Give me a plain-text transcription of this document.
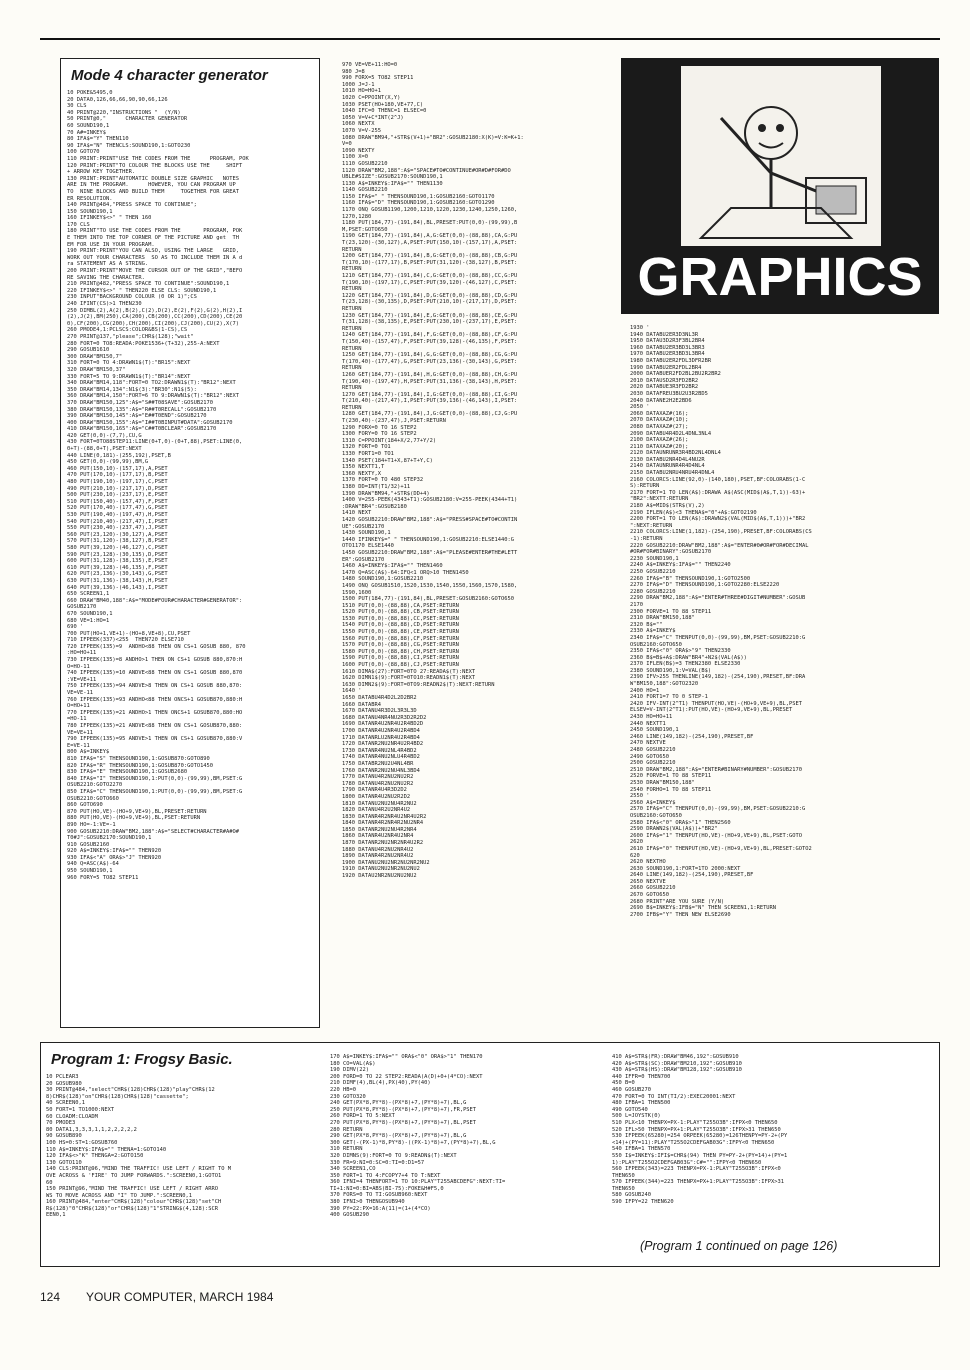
Mode 4 character generator
10 POKE&5495,0
20 DATA0,126,66,66,90,90,66,126
30 CLS
40 PRINT@220,"INSTRUCTIONS "  (Y/N)
50 PRINT@0,"      CHARACTER GENERATOR
60 SOUND190,1
70 A#=INKEY$
80 IFA$="Y" THEN110
90 IFA$="N" THENCLS:SOUND190,1:GOTO230
100 GOTO70
110 PRINT:PRINT"USE THE CODES FROM THE      PROGRAM, POK
120 PRINT:PRINT"TO COLOUR THE BLOCKS USE THE     SHIFT
+ ARROW KEY TOGETHER.
130 PRINT:PRINT"AUTOMATIC DOUBLE SIZE GRAPHIC   NOTES
ARE IN THE PROGRAM.      HOWEVER, YOU CAN PROGRAM UP
TO  NINE BLOCKS AND BUILD THEM     TOGETHER FOR GREAT
ER RESOLUTION.
140 PRINT@484,"PRESS SPACE TO CONTINUE";
150 SOUND190,1
160 IFINKEY$<>" " THEN 160
170 CLS
180 PRINT"TO USE THE CODES FROM THE       PROGRAM, POK
E THEM INTO THE TOP CORNER OF THE PICTURE AND get  TH
EM FOR USE IN YOUR PROGRAM.
190 PRINT:PRINT"YOU CAN ALSO, USING THE LARGE   GRID,
WORK OUT YOUR CHARACTERS  SO AS TO INCLUDE THEM IN A d
ra STATEMENT AS A STRING.
200 PRINT:PRINT"MOVE THE CURSOR OUT OF THE GRID","BEFO
RE SAVING THE CHARACTER.
210 PRINT@482,"PRESS SPACE TO CONTINUE":SOUND190,1
220 IFINKEY$<>" " THEN220 ELSE CLS: SOUND190,1
230 INPUT"BACKGROUND COLOUR (0 OR 1)";CS
240 IFINT(CS)>1 THEN230
250 DIMBL(2),A(2),B(2),C(2),D(2),E(2),F(2),G(2),H(2),I
(2),J(2),BM(250),CA(200),CB(200),CC(200),CD(200),CE(20
0),CF(200),CG(200),CH(200),CI(200),CJ(200),CU(2),X(7)
260 PMODE4,1:PCLSCS:COLOR&BS(1-CS),CS
270 PRINT@137,"please";CHR$(128);"wait"
280 FORT=0 TO8:READA:POKE1536+(T+32),255-A:NEXT
290 GOSUB1610
300 DRAW"BM150,7"
310 FORT=0 TO 4:DRAWN1$(T):"BR15":NEXT
320 DRAW"BM150,37"
330 FORT=5 TO 9:DRAWN1$(T):"BR14":NEXT
340 DRAW"BM14,118":FORT=0 TO2:DRAWN1$(T):"BR12":NEXT
350 DRAW"BM14,134":N1$(3):"BR30":N1$(5):
360 DRAW"BM14,150":FORT=6 TO 9:DRAWN1$(T):"BR12":NEXT
370 DRAW"BM150,125":A$="S##T08SAVE":GOSUB2170
380 DRAW"BM150,135":A$="R##T0RECALL":GOSUB2170
390 DRAW"BM150,145":A$="E##T0END":GOSUB2170
400 DRAW"BM150,155":A$="I##T0BINPUT#DATA":GOSUB2170
410 DRAW"BM150,165":A$="C##T0BCLEAR":GOSUB2170
420 GET(0,0)-(7,7),CU,G
430 FORT=0TO88STEP11:LINE(0+T,0)-(0+T,88),PSET:LINE(0,
0+T)-(88,0+T),PSET:NEXT
440 LINE(0,181)-(255,192),PSET,B
450 GET(0,0)-(99,99),BM,G
460 PUT(150,10)-(157,17),A,PSET
470 PUT(170,10)-(177,17),B,PSET
480 PUT(190,10)-(197,17),C,PSET
490 PUT(210,10)-(217,17),D,PSET
500 PUT(230,10)-(237,17),E,PSET
510 PUT(150,40)-(157,47),F,PSET
520 PUT(170,40)-(177,47),G,PSET
530 PUT(190,40)-(197,47),H,PSET
540 PUT(210,40)-(217,47),I,PSET
550 PUT(230,40)-(237,47),J,PSET
560 PUT(23,120)-(30,127),A,PSET
570 PUT(31,120)-(38,127),B,PSET
580 PUT(39,120)-(46,127),C,PSET
590 PUT(23,128)-(30,135),D,PSET
600 PUT(31,128)-(38,135),E,PSET
610 PUT(39,128)-(46,135),F,PSET
620 PUT(23,136)-(30,143),G,PSET
630 PUT(31,136)-(38,143),H,PSET
640 PUT(39,136)-(46,143),I,PSET
650 SCREEN1,1
660 DRAW"BM40,188":A$="MODE#FOUR#CHARACTER#GENERATOR":
GOSUB2170
670 SOUND190,1
680 VE=1:HO=1
690 '
700 PUT(HO+1,VE+1)-(HO+8,VE+8),CU,PSET
710 IFPEEK(337)<255  THEN720 ELSE710
720 IFPEEK(135)=9  ANDHO<88 THEN ON CS+1 GOSUB 880, 870
:HO=HO+11
730 IFPEEK(135)=8 ANDHO>1 THEN ON CS+1 GOSUB 880,870:H
O=HO-11
740 IFPEEK(135)=10 ANDVE<88 THEN ON CS+1 GOSUB 880,870
:VE=VE+11
750 IFPEEK(135)=94 ANDVE>8 THEN ON CS+1 GOSUB 880,870:
VE=VE-11
760 IFPEEK(135)=93 ANDHO<88 THEN ONCS+1 GOSUB870,880:H
O=HO+11
770 IFPEEK(135)=21 ANDHO>1 THEN ONCS+1 GOSUB870,880:HO
=HO-11
780 IFPEEK(135)=21 ANDVE<88 THEN ON CS+1 GOSUB870,880:
VE=VE+11
790 IFPEEK(135)=95 ANDVE>1 THEN ON CS+1 GOSUB870,880:V
E=VE-11
800 A$=INKEY$
810 IFA$="S" THENSOUND190,1:GOSUB870:GOTO890
820 IFA$="R" THENSOUND190,1:GOSUB870:GOTO1450
830 IFA$="E" THENSOUND190,1:GOSUB2680
840 IFA$="I" THENSOUND190,1:PUT(0,0)-(99,99),BM,PSET:G
OSUB2210:GOTO2270
850 IFA$="C" THENSOUND190,1:PUT(0,0)-(99,99),BM,PSET:G
OSUB2210:GOTO660
860 GOTO690
870 PUT(HO,VE)-(HO+9,VE+9),BL,PRESET:RETURN
880 PUT(HO,VE)-(HO+9,VE+9),BL,PSET:RETURN
890 HO=-1:VE=-1
900 GOSUB2210:DRAW"BM2,188":A$="SELECT#CHARACTER#A#O#
T0#J":GOSUB2170:SOUND190,1
910 GOSUB2160
920 A$=INKEY$:IFA$="" THEN920
930 IFA$<"A" ORA$>"J" THEN920
940 Q=ASC(A$)-64
950 SOUND190,1
960 FORY=5 TO82 STEP11
970 VE=VE+11:HO=0
980 J=8
990 FORX=5 TO82 STEP11
1000 J=J-1
1010 HO=HO+1
1020 C=PPOINT(X,Y)
1030 PSET(HO+180,VE+77,C)
1040 IFC=0 THENC=1 ELSEC=0
1050 V=V+C*INT(2^J)
1060 NEXTX
1070 V=V-255
1080 DRAW"BM94,"+STR$(V+1)+"BR2":GOSUB2180:X(K)=V:K=K+1:
V=0
1090 NEXTY
1100 X=0
1110 GOSUB2210
1120 DRAW"BM2,188":A$="SPACE#TO#CONTINUE#OR#D#FOR#DO
UBLE#SIZE":GOSUB2170:SOUND190,1
1130 A$=INKEY$:IFA$="" THEN1130
1140 GOSUB2210
1150 IFA$=" " THENSOUND190,1:GOSUB2160:GOTO1170
1160 IFA$="D" THENSOUND190,1:GOSUB2160:GOTO1290
1170 ONQ GOSUB1190,1200,1210,1220,1230,1240,1250,1260,
1270,1280
1180 PUT(184,77)-(191,84),BL,PRESET:PUT(0,0)-(99,99),B
M,PSET:GOTO650
1190 GET(184,77)-(191,84),A,G:GET(0,0)-(88,88),CA,G:PU
T(23,120)-(30,127),A,PSET:PUT(150,10)-(157,17),A,PSET:
RETURN
1200 GET(184,77)-(191,84),B,G:GET(0,0)-(88,88),CB,G:PU
T(170,10)-(177,17),B,PSET:PUT(31,120)-(38,127),B,PSET:
RETURN
1210 GET(184,77)-(191,84),C,G:GET(0,0)-(88,88),CC,G:PU
T(190,10)-(197,17),C,PSET:PUT(39,120)-(46,127),C,PSET:
RETURN
1220 GET(184,77)-(191,84),D,G:GET(0,0)-(88,88),CD,G:PU
T(23,128)-(30,135),D,PSET:PUT(210,10)-(217,17),D,PSET:
RETURN
1230 GET(184,77)-(191,84),E,G:GET(0,0)-(88,88),CE,G:PU
T(31,128)-(38,135),E,PSET:PUT(230,10)-(237,17),E,PSET:
RETURN
1240 GET(184,77)-(191,84),F,G:GET(0,0)-(88,88),CF,G:PU
T(150,40)-(157,47),F,PSET:PUT(39,128)-(46,135),F,PSET:
RETURN
1250 GET(184,77)-(191,84),G,G:GET(0,0)-(88,88),CG,G:PU
T(170,40)-(177,47),G,PSET:PUT(23,136)-(30,143),G,PSET:
RETURN
1260 GET(184,77)-(191,84),H,G:GET(0,0)-(88,88),CH,G:PU
T(190,40)-(197,47),H,PSET:PUT(31,136)-(38,143),H,PSET:
RETURN
1270 GET(184,77)-(191,84),I,G:GET(0,0)-(88,88),CI,G:PU
T(210,40)-(217,47),I,PSET:PUT(39,136)-(46,143),I,PSET:
RETURN
1280 GET(184,77)-(191,84),J,G:GET(0,0)-(88,88),CJ,G:PU
T(230,40)-(237,47),J,PSET:RETURN
1290 FORX=0 TO 16 STEP2
1300 FORY=0 TO 16 STEP2
1310 C=PPOINT(184+X/2,77+Y/2)
1320 FORT=0 TO1
1330 FORT1=0 TO1
1340 PSET(184+T1+X,87+T+Y,C)
1350 NEXTT1,T
1360 NEXTY,X
1370 FORT=0 TO 480 STEP32
1380 DD=INT(T1/32)+11
1390 DRAW"BM94,"+STR$(DD+4)
1400 V=255-PEEK(4343+T1):GOSUB2180:V=255-PEEK(4344+T1)
:DRAW"BR4":GOSUB2180
1410 NEXT
1420 GOSUB2210:DRAW"BM2,188":A$="PRESS#SPACE#TO#CONTIN
UE":GOSUB2170
1430 SOUND190,1
1440 IFINKEY$=" " THENSOUND190,1:GOSUB2210:ELSE1440:G
OTO1170 ELSE1440
1450 GOSUB2210:DRAW"BM2,188":A$="PLEASE#ENTER#THE#LETT
ER":GOSUB2170
1460 A$=INKEY$:IFA$="" THEN1460
1470 Q=ASC(A$)-64:IFQ<1 ORQ>10 THEN1450
1480 SOUND190,1:GOSUB2210
1490 ONQ GOSUB1510,1520,1530,1540,1550,1560,1570,1580,
1590,1600
1500 PUT(184,77)-(191,84),BL,PRESET:GOSUB2160:GOTO650
1510 PUT(0,0)-(88,88),CA,PSET:RETURN
1520 PUT(0,0)-(88,88),CB,PSET:RETURN
1530 PUT(0,0)-(88,88),CC,PSET:RETURN
1540 PUT(0,0)-(88,88),CD,PSET:RETURN
1550 PUT(0,0)-(88,88),CE,PSET:RETURN
1560 PUT(0,0)-(88,88),CF,PSET:RETURN
1570 PUT(0,0)-(88,88),CG,PSET:RETURN
1580 PUT(0,0)-(88,88),CH,PSET:RETURN
1590 PUT(0,0)-(88,88),CI,PSET:RETURN
1600 PUT(0,0)-(88,88),CJ,PSET:RETURN
1610 DIMA$(27):FORT=0TO 27:READA$(T):NEXT
1620 DIMN1$(9):FORT=0TO10:READN1$(T):NEXT
1630 DIMN2$(9):FORT=0TO9:READN2$(T):NEXT:RETURN
1640 '
1650 DATABU4R4D2L2D2BR2
1660 DATABR4
1670 DATANU4R3D2L3R3L3D
1680 DATANU4NR4NU2R3D2R2D2
1690 DATANR4U2NR4U2R4BD2D
1700 DATANR4U2NR4U2R4BD4
1710 DATANRLU2NR4U2R4BD4
1720 DATANR2NU2NR4U2R4BD2
1730 DATANR4NU2NL4R4BD2
1740 DATANR4NU2NLU4R4BD2
1750 DATABR2NU2U4NL4BR
1760 DATANR2NU2NU4NL3BD4
1770 DATANU4R2NU2NU2R2
1780 DATANU4R2NU2NU2R2
1790 DATANR4U4R3D2D2
1800 DATANR4U2NU2R2D2
1810 DATANU2NU2NU4R2NU2
1820 DATANU4R2U2NR4U2
1830 DATANR4R2NR4U2NR4U2R2
1840 DATANR4R2NR4R2NU2NR4
1850 DATANR2NU2NU4R2NR4
1860 DATANR4U2NR4U2NR4
1870 DATANR2NU2NR2NR4U2R2
1880 DATANU4R2NU2NR4U2
1890 DATANR4R2NU2NR4U2
1900 DATANU2NU2NR2NU2NR2NU2
1910 DATANU2NU2NR2NU2NU2
1920 DATAU2NR2NU2NU2NU2
1930 '
1940 DATABU2ER3D3NL3R
1950 DATAU3D2R3F3BL2BR4
1960 DATABU2ER3BD3L3BR3
1970 DATABU2ER3BD3L3BR4
1980 DATABU2ER2FDL3DFR2BR
1990 DATABU2ER2FDL2BR4
2000 DATABUER2FD2BL2BU2R2BR2
2010 DATAUSD2R3FD2BR2
2020 DATABUE3R3FD2BR2
2030 DATAFREU3BU2U3R2BD5
2040 DATANE2H2E2BD6
2050 '
2060 DATAXAZ#(16);
2070 DATAXAZ#(10);
2080 DATAXAZ#(27);
2090 DATABU4R4D2L4DNL3NL4
2100 DATAXAZ#(26);
2110 DATAXAZ#(20);
2120 DATAUNRUNR3R4BD2NL4DNL4
2130 DATABU2NR4D4L4NU2R
2140 DATAUNRUNR4R4D4NL4
2150 DATABU2NRU4NRU4R4DNL4
2160 COLORCS:LINE(92,0)-(140,180),PSET,BF:COLORABS(1-C
S):RETURN
2170 FORT=1 TO LEN(A$):DRAWA A$(ASC(MID$(A$,T,1))-63)+
"BR2":NEXTT:RETURN
2180 A$=MID$(STR$(V),2)
2190 IFLEN(A$)<3 THENA$="0"+A$:GOTO2190
2200 FORT=1 TO LEN(A$):DRAWN2$(VAL(MID$(A$,T,1)))+"BR2
":NEXT:RETURN
2210 COLORCS:LINE(1,182)-(254,190),PRESET,BF:COLORABS(CS
-1):RETURN
2220 GOSUB2210:DRAW"BM2,188":A$="ENTER#0#OR#FOR#DECIMAL
#OR#FOR#BINARY":GOSUB2170
2230 SOUND190,1
2240 A$=INKEY$:IFA$="" THEN2240
2250 GOSUB2210
2260 IFA$="B" THENSOUND190,1:GOTO2500
2270 IFA$="D" THENSOUND190,1:GOTO2280:ELSE2220
2280 GOSUB2210
2290 DRAW"BM2,188":A$="ENTER#THREE#DIGIT#NUMBER":GOSUB
2170
2300 FORVE=1 TO 88 STEP11
2310 DRAW"BM150,188"
2320 B$=""
2330 A$=INKEY$
2340 IFA$="C" THENPUT(0,0)-(99,99),BM,PSET:GOSUB2210:G
OSUB2160:GOTO650
2350 IFA$<"0" ORA$>"9" THEN2330
2360 B$=B$+A$:DRAW"BR4"+N2$(VAL(A$))
2370 IFLEN(B$)=3 THEN2380 ELSE2330
2380 SOUND190,1:V=VAL(B$)
2390 IFV>255 THENLINE(149,182)-(254,190),PRESET,BF:DRA
W"BM150,188":GOTO2320
2400 HO=1
2410 FORT1=7 TO 0 STEP-1
2420 IFV-INT(2^T1) THENPUT(HO,VE)-(HO+9,VE+9),BL,PSET
ELSEV=V-INT(2^T1):PUT(HO,VE)-(HO+9,VE+9),BL,PRESET
2430 HO=HO+11
2440 NEXTT1
2450 SOUND190,1
2460 LINE(149,182)-(254,190),PRESET,BF
2470 NEXTVE
2480 GOSUB2210
2490 GOTO650
2500 GOSUB2210
2510 DRAW"BM2,188":A$="ENTER#BINARY#NUMBER":GOSUB2170
2520 FORVE=1 TO 88 STEP11
2530 DRAW"BM150,188"
2540 FORHO=1 TO 88 STEP11
2550 '
2560 A$=INKEY$
2570 IFA$="C" THENPUT(0,0)-(99,99),BM,PSET:GOSUB2210:G
OSUB2160:GOTO650
2580 IFA$<"0" ORA$>"1" THEN2560
2590 DRAWN2$(VAL(A$))+"BR2"
2600 IFA$="1" THENPUT(HO,VE)-(HO+9,VE+9),BL,PSET:GOTO
2620
2610 IFA$="0" THENPUT(HO,VE)-(HO+9,VE+9),BL,PRESET:GOTO2
620
2620 NEXTHO
2630 SOUND190,1:FORT=1TO 2000:NEXT
2640 LINE(149,182)-(254,190),PRESET,BF
2650 NEXTVE
2660 GOSUB2210
2670 GOTO650
2680 PRINT"ARE YOU SURE (Y/N)
2690 B$=INKEY$:IFB$="N" THEN SCREEN1,1:RETURN
2700 IFB$="Y" THEN NEW ELSE2690
GRAPHICS
Program 1: Frogsy Basic.
10 PCLEAR3
20 GOSUB980
30 PRINT@484,"select"CHR$(128)CHR$(128)"play"CHR$(12
8)CHR$(128)"on"CHR$(128)CHR$(128)"cassette";
40 SCREEN0,1
50 FORT=1 TO1000:NEXT
60 CLOADM:CLOADM
70 PMODE3
80 DATA1,3,3,3,1,1,2,2,2,2,2
90 GOSUB890
100 HS=0:ST=1:GOSUB760
110 A$=INKEY$:IFA$="" THENA=1:GOTO140
120 IFA$<>"K" THENGA=2:GOTO150
130 GOTO110
140 CLS:PRINT@96,"MIND THE TRAFFIC! USE LEFT / RIGHT TO M
OVE ACROSS & 'FIRE' TO JUMP FORWARDS.":SCREEN0,1:GOTO1
60
150 PRINT@96,"MIND THE TRAFFIC! USE LEFT / RIGHT ARRO
WS TO MOVE ACROSS AND "I" TO JUMP.":SCREEN0,1
160 PRINT@484,"enter"CHR$(128)"colour"CHR$(128)"set"CH
R$(128)"0"CHR$(128)"or"CHR$(128)"1"STRING$(4,128):SCR
EEN0,1
170 A$=INKEY$:IFA$="" ORA$<"0" ORA$>"1" THEN170
180 CO=VAL(A$)
190 DIMV(22)
200 FORD=0 TO 22 STEP2:READA(A(D)+0+(4*CO):NEXT
210 DIMF(4),BL(4),PX(40),PY(40)
220 HB=0
230 GOTO320
240 GET(PX*8,PY*8)-(PX*8)+7,(PY*8)+7),BL,G
250 PUT(PX*8,PY*8)-(PX*8)+7,(PY*8)+7),FR,PSET
260 FORD=1 TO 5:NEXT
270 PUT(PX*8,PY*8)-(PX*8)+7,(PY*8)+7),BL,PSET
280 RETURN
290 GET(PX*8,PY*8)-(PX*8)+7,(PY*8)+7),BL,G
300 GET(-(PX-1)*8,PY*8)-((PX-1)*8)+7,(PY*8)+7),BL,G
310 RETURN
320 DIMNS(9):FORT=0 TO 9:READN$(T):NEXT
330 FR=9:NI=0:SC=0:TI=0:D1=57
340 SCREEN1,CO
350 FORT=1 TO 4:FCOPY7+4 TO T:NEXT
360 IFNI=4 THENFORT=1 TO 10:PLAY"T255ABCDEFG":NEXT:TI=
TI+1:NI=0:BI=ABS(BI-75):FOKE&H#F5,0
370 FORS=0 TO TI:GOSUB960:NEXT
380 IFNI>0 THENGOSUB940
390 PY=22:PX=16:A(11)=(1+(4*CO)
400 GOSUB290
410 A$=STR$(FR):DRAW"BM46,192":GOSUB910
420 A$=STR$(SC):DRAW"BM210,192":GOSUB910
430 A$=STR$(HS):DRAW"BM128,192":GOSUB910
440 IFFR=0 THEN700
450 B=0
460 GOSUB270
470 FORT=0 TO INT(TI/2):EXEC20001:NEXT
480 IFBA=1 THEN500
490 GOTO540
500 L=JOYSTK(0)
510 PLX<10 THENPX=PX-1:PLAY"T255O3B":IFPX<0 THEN650
520 IFL>50 THENPX=PX+1:PLAY"T255O3B":IFPX>31 THEN650
530 IFPEEK(65280)=254 ORPEEK(65280)=126THENPY=PY-2+(PY
<14)+(PY=11):PLAY"T255O2CDEFGAB03G":IFPY<0 THEN650
540 IFBA=1 THEN570
550 I$=INKEY$:IFI$=CHR$(94) THEN PY=PY-2+(PY=14)+(PY=1
1):PLAY"T255O2CDEFGAB03G":C#="":IFPY<0 THEN650
560 IFPEEK(343)=223 THENPX=PX-1:PLAY"T255O3B":IFPX<0
THEN650
570 IFPEEK(344)=223 THENPX=PX+1:PLAY"T255O3B":IFPX>31
THEN650
580 GOSUB240
590 IFPY=22 THEN620
(Program 1 continued on page 126)
124 YOUR COMPUTER, MARCH 1984
